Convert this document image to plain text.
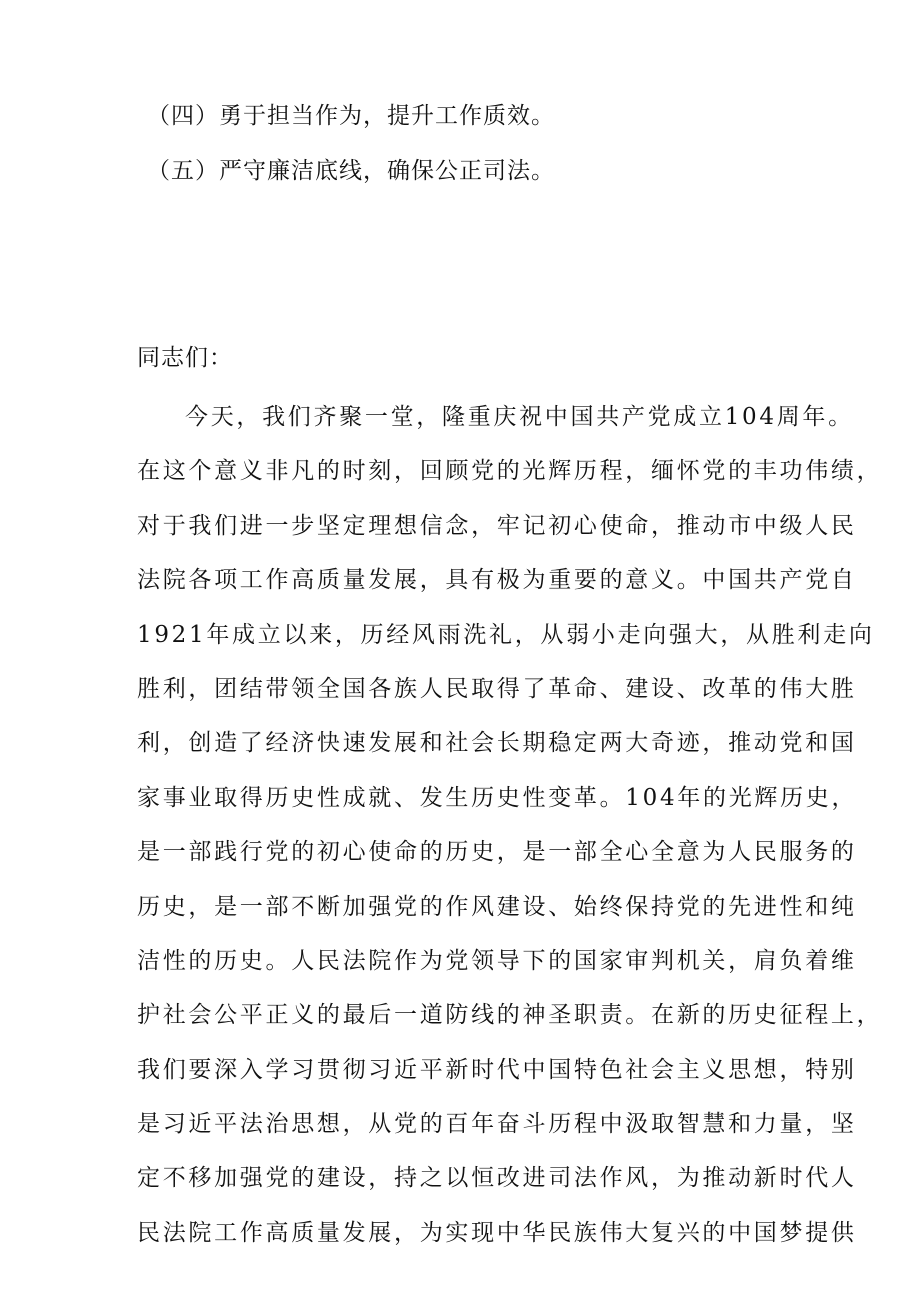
（四）勇于担当作为，提升工作质效。
（五）严守廉洁底线，确保公正司法。
同志们：
今天，我们齐聚一堂，隆重庆祝中国共产党成立104周年。
在这个意义非凡的时刻，回顾党的光辉历程，缅怀党的丰功伟绩，
对于我们进一步坚定理想信念，牢记初心使命，推动市中级人民
法院各项工作高质量发展，具有极为重要的意义。中国共产党自
1921年成立以来，历经风雨洗礼，从弱小走向强大，从胜利走向
胜利，团结带领全国各族人民取得了革命、建设、改革的伟大胜
利，创造了经济快速发展和社会长期稳定两大奇迹，推动党和国
家事业取得历史性成就、发生历史性变革。104年的光辉历史，
是一部践行党的初心使命的历史，是一部全心全意为人民服务的
历史，是一部不断加强党的作风建设、始终保持党的先进性和纯
洁性的历史。人民法院作为党领导下的国家审判机关，肩负着维
护社会公平正义的最后一道防线的神圣职责。在新的历史征程上，
我们要深入学习贯彻习近平新时代中国特色社会主义思想，特别
是习近平法治思想，从党的百年奋斗历程中汲取智慧和力量，坚
定不移加强党的建设，持之以恒改进司法作风，为推动新时代人
民法院工作高质量发展，为实现中华民族伟大复兴的中国梦提供
